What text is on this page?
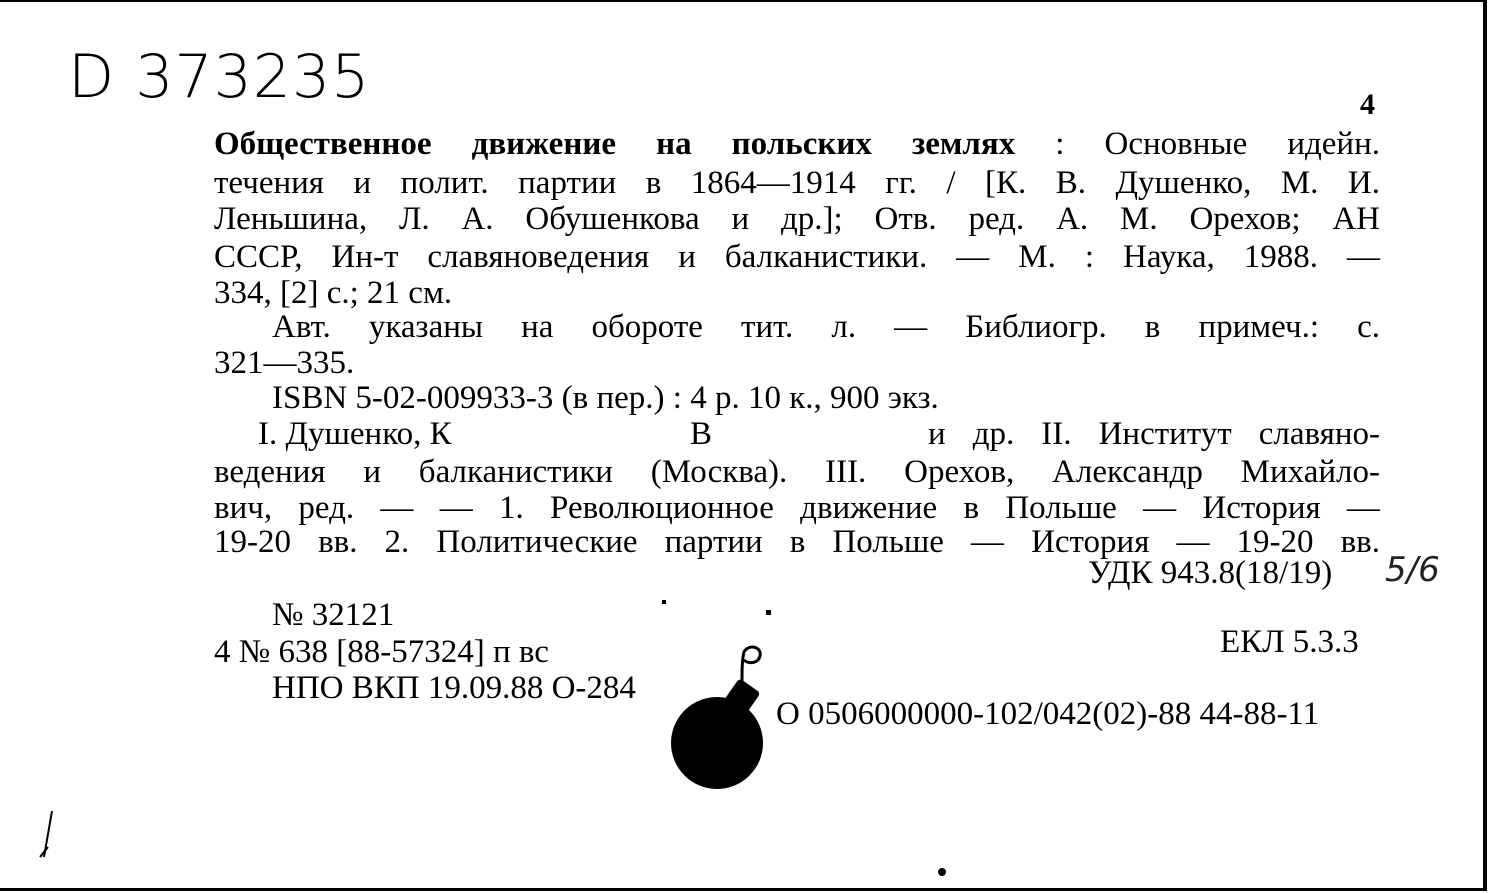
D 373235	4
Общественное движение на польских землях : Основные идейн.
течения и полит. партии в 1864—1914 гг. / [К. В. Душенко, М. И.
Леньшина, Л. А. Обушенкова и др.]; Отв. ред. А. М. Орехов; АН
СССР, Ин-т славяноведения и балканистики. — М. : Наука, 1988. —
334, [2] с.; 21 см.
Авт. указаны на обороте тит. л. — Библиогр. в примеч.: с.
321—335.
ISBN 5-02-009933-3 (в пер.) : 4 р. 10 к., 900 экз.
I. Душенко, К	В	и др. II. Институт славяно-
ведения и балканистики (Москва). III. Орехов, Александр Михайло-
вич, ред. — — 1. Революционное движение в Польше — История —
19-20 вв. 2. Политические партии в Польше — История — 19-20 вв.
УДК 943.8(18/19) 5/6
№ 32121
4 № 638 [88-57324] п вс
НПО ВКП 19.09.88 О-284
ЕКЛ 5.3.3
О 0506000000-102/042(02)-88 44-88-11
